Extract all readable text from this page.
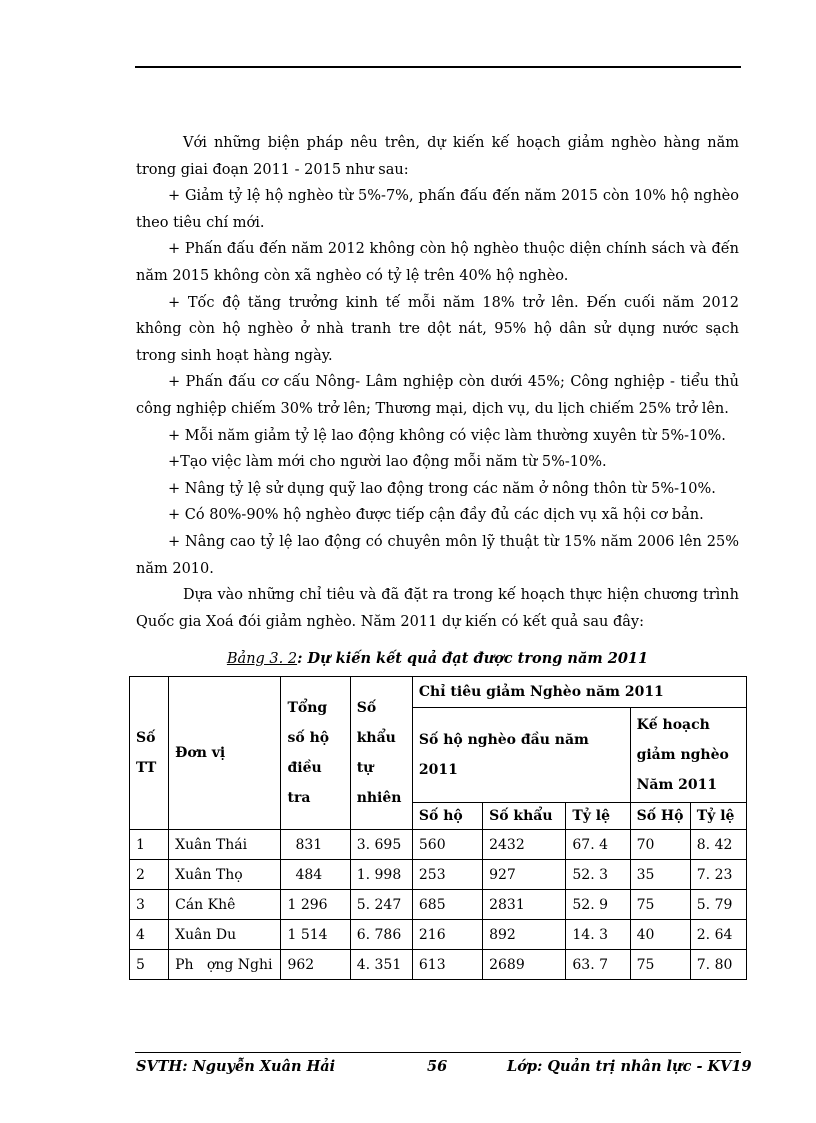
Với những biện pháp nêu trên, dự kiến kế hoạch giảm nghèo hàng năm trong giai đoạn 2011 - 2015 như sau:

+ Giảm tỷ lệ hộ nghèo từ 5%-7%, phấn đấu đến năm 2015 còn 10% hộ nghèo theo tiêu chí mới.

+ Phấn đấu đến năm 2012 không còn hộ nghèo thuộc diện chính sách và đến năm 2015 không còn xã nghèo có tỷ lệ trên 40% hộ nghèo.

+ Tốc độ tăng trưởng kinh tế mỗi năm 18% trở lên. Đến cuối năm 2012 không còn hộ nghèo ở nhà tranh tre dột nát, 95% hộ dân sử dụng nước sạch trong sinh hoạt hàng ngày.

+ Phấn đấu cơ cấu Nông- Lâm nghiệp còn dưới 45%; Công nghiệp - tiểu thủ công nghiệp chiếm 30% trở lên; Thương mại, dịch vụ, du lịch chiếm 25% trở lên.

+ Mỗi năm giảm tỷ lệ lao động không có việc làm thường xuyên từ 5%-10%.

+Tạo việc làm mới cho người lao động mỗi năm từ 5%-10%.

+ Nâng tỷ lệ sử dụng quỹ lao động trong các năm ở nông thôn từ 5%-10%.

+ Có 80%-90% hộ nghèo được tiếp cận đầy đủ các dịch vụ xã hội cơ bản.

+ Nâng cao tỷ lệ lao động có chuyên môn lỹ thuật từ 15% năm 2006 lên 25% năm 2010.

Dựa vào những chỉ tiêu và đã đặt ra trong kế hoạch thực hiện chương trình Quốc gia Xoá đói giảm nghèo. Năm 2011 dự kiến có kết quả sau đây:

Bảng 3. 2: Dự kiến kết quả đạt được trong năm 2011
Số TT	Đơn vị	Tổng số hộ điều tra	Số khẩu tự nhiên	Chỉ tiêu giảm Nghèo năm 2011				
				Số hộ nghèo đầu năm 2011			Kế hoạch giảm nghèo Năm 2011	
				Số hộ	Số khẩu	Tỷ lệ	Số Hộ	Tỷ lệ
1	Xuân Thái	831	3. 695	560	2432	67. 4	70	8. 42
2	Xuân Thọ	484	1. 998	253	927	52. 3	35	7. 23
3	Cán Khê	1 296	5. 247	685	2831	52. 9	75	5. 79
4	Xuân Du	1 514	6. 786	216	892	14. 3	40	2. 64
5	Ph   ợng Nghi	962	4. 351	613	2689	63. 7	75	7. 80
SVTH: Nguyễn Xuân Hải	56	Lớp: Quản trị nhân lực - KV19
